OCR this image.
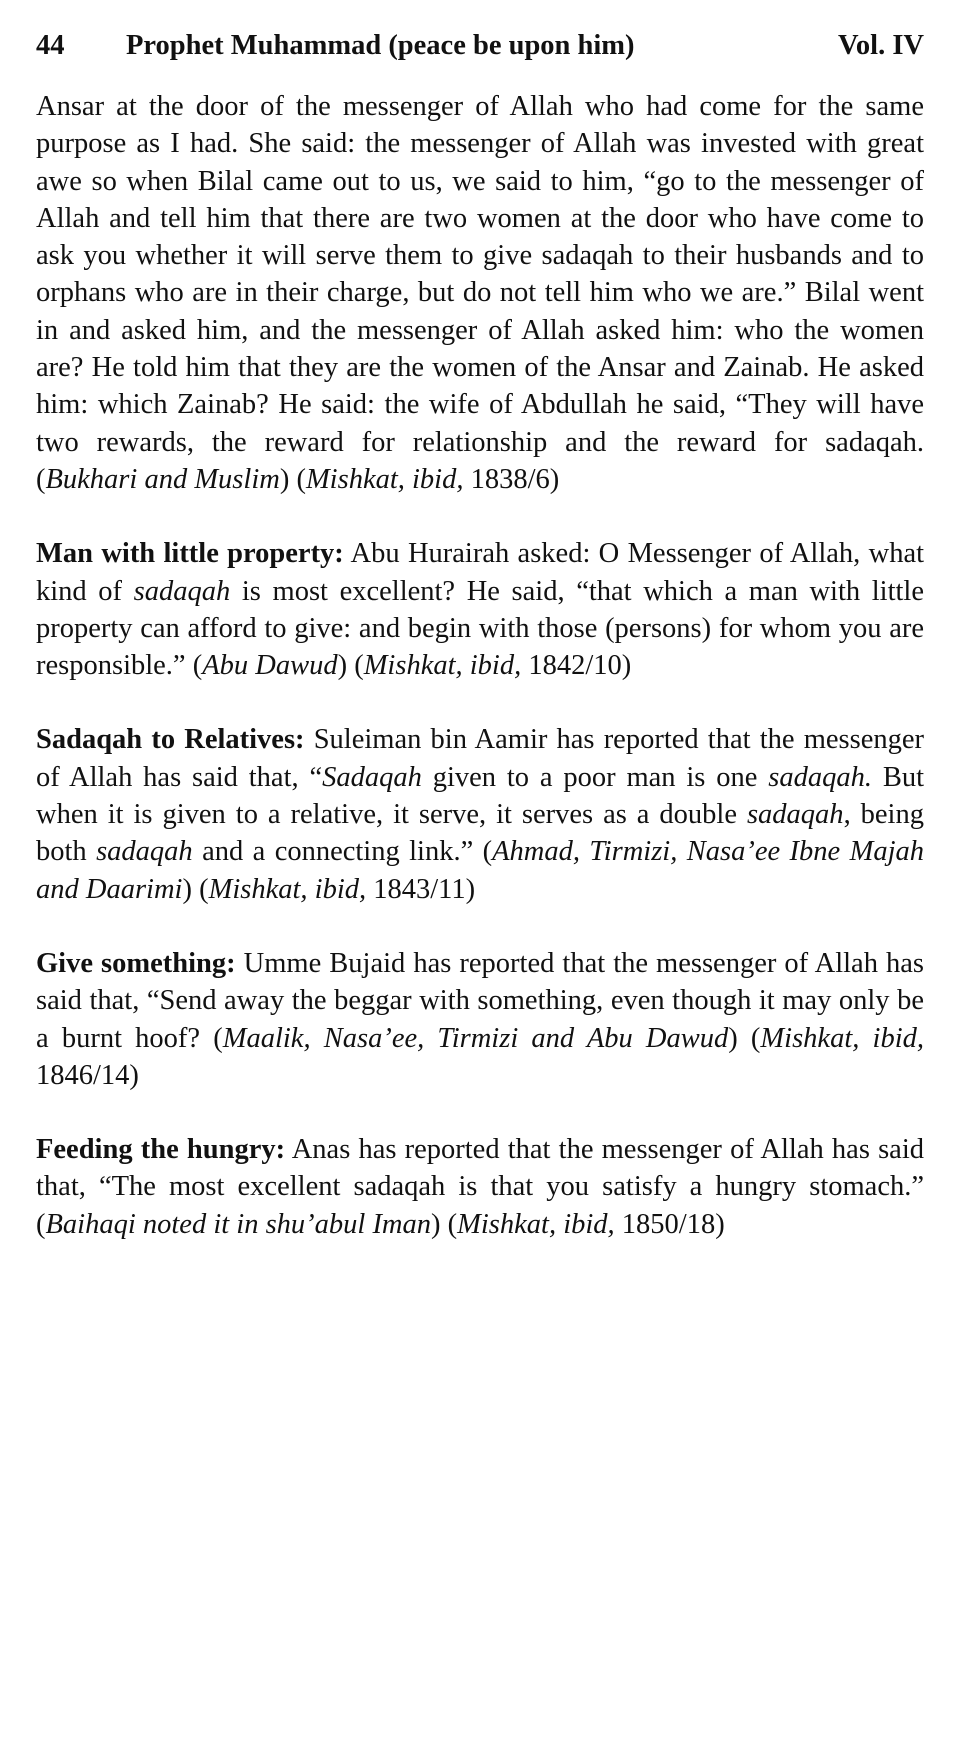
44	Prophet Muhammad (peace be upon him)	Vol. IV

Ansar at the door of the messenger of Allah who had come for the same purpose as I had. She said: the messenger of Allah was invested with great awe so when Bilal came out to us, we said to him, “go to the messenger of Allah and tell him that there are two women at the door who have come to ask you whether it will serve them to give sadaqah to their husbands and to orphans who are in their charge, but do not tell him who we are.” Bilal went in and asked him, and the messenger of Allah asked him: who the women are? He told him that they are the women of the Ansar and Zainab. He asked him: which Zainab? He said: the wife of Abdullah he said, “They will have two rewards, the reward for relationship and the reward for sadaqah. (Bukhari and Muslim) (Mishkat, ibid, 1838/6)

Man with little property: Abu Hurairah asked: O Messenger of Allah, what kind of sadaqah is most excellent? He said, “that which a man with little property can afford to give: and begin with those (persons) for whom you are responsible.” (Abu Dawud) (Mishkat, ibid, 1842/10)

Sadaqah to Relatives: Suleiman bin Aamir has reported that the messenger of Allah has said that, “Sadaqah given to a poor man is one sadaqah. But when it is given to a relative, it serve, it serves as a double sadaqah, being both sadaqah and a connecting link.” (Ahmad, Tirmizi, Nasa’ee Ibne Majah and Daarimi) (Mishkat, ibid, 1843/11)

Give something: Umme Bujaid has reported that the messenger of Allah has said that, “Send away the beggar with something, even though it may only be a burnt hoof? (Maalik, Nasa’ee, Tirmizi and Abu Dawud) (Mishkat, ibid, 1846/14)

Feeding the hungry: Anas has reported that the messenger of Allah has said that, “The most excellent sadaqah is that you satisfy a hungry stomach.” (Baihaqi noted it in shu’abul Iman) (Mishkat, ibid, 1850/18)
